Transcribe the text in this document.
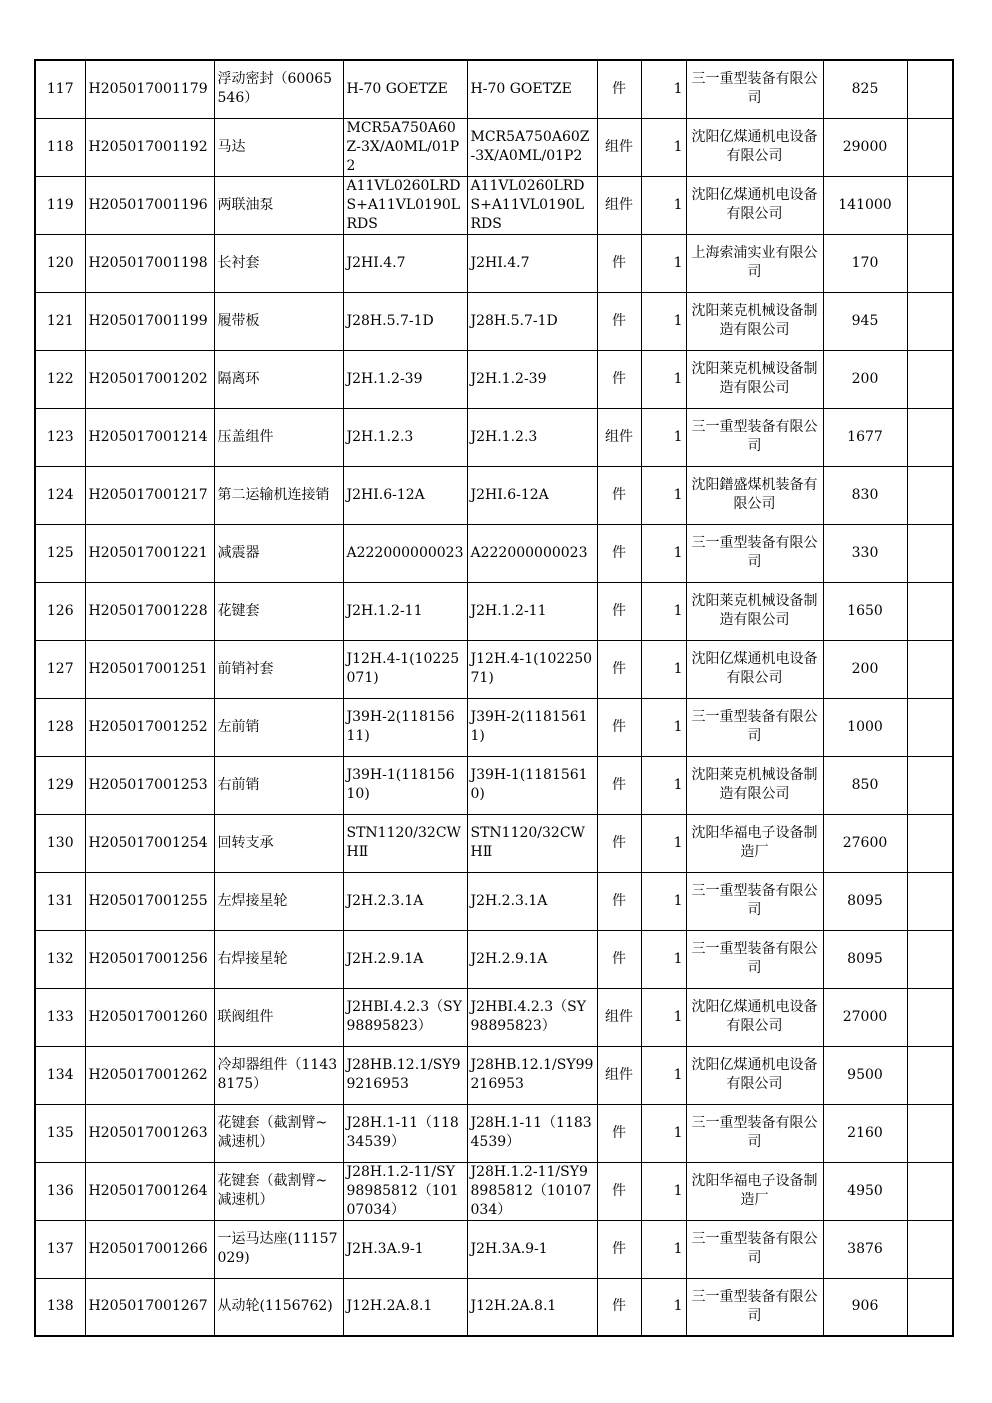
117	H205017001179	浮动密封（60065546）	H-70 GOETZE	H-70 GOETZE	件	1	三一重型装备有限公司	825	
118	H205017001192	马达	MCR5A750A60Z-3X/A0ML/01P2	MCR5A750A60Z-3X/A0ML/01P2	组件	1	沈阳亿煤通机电设备有限公司	29000	
119	H205017001196	两联油泵	A11VL0260LRDS+A11VL0190LRDS	A11VL0260LRDS+A11VL0190LRDS	组件	1	沈阳亿煤通机电设备有限公司	141000	
120	H205017001198	长衬套	J2HI.4.7	J2HI.4.7	件	1	上海索浦实业有限公司	170	
121	H205017001199	履带板	J28H.5.7-1D	J28H.5.7-1D	件	1	沈阳莱克机械设备制造有限公司	945	
122	H205017001202	隔离环	J2H.1.2-39	J2H.1.2-39	件	1	沈阳莱克机械设备制造有限公司	200	
123	H205017001214	压盖组件	J2H.1.2.3	J2H.1.2.3	组件	1	三一重型装备有限公司	1677	
124	H205017001217	第二运输机连接销	J2HI.6-12A	J2HI.6-12A	件	1	沈阳鐠盛煤机装备有限公司	830	
125	H205017001221	减震器	A222000000023	A222000000023	件	1	三一重型装备有限公司	330	
126	H205017001228	花键套	J2H.1.2-11	J2H.1.2-11	件	1	沈阳莱克机械设备制造有限公司	1650	
127	H205017001251	前销衬套	J12H.4-1(10225071)	J12H.4-1(10225071)	件	1	沈阳亿煤通机电设备有限公司	200	
128	H205017001252	左前销	J39H-2(11815611)	J39H-2(11815611)	件	1	三一重型装备有限公司	1000	
129	H205017001253	右前销	J39H-1(11815610)	J39H-1(11815610)	件	1	沈阳莱克机械设备制造有限公司	850	
130	H205017001254	回转支承	STN1120/32CWHⅡ	STN1120/32CWHⅡ	件	1	沈阳华福电子设备制造厂	27600	
131	H205017001255	左焊接星轮	J2H.2.3.1A	J2H.2.3.1A	件	1	三一重型装备有限公司	8095	
132	H205017001256	右焊接星轮	J2H.2.9.1A	J2H.2.9.1A	件	1	三一重型装备有限公司	8095	
133	H205017001260	联阀组件	J2HBⅠ.4.2.3（SY98895823）	J2HBⅠ.4.2.3（SY98895823）	组件	1	沈阳亿煤通机电设备有限公司	27000	
134	H205017001262	冷却器组件（11438175）	J28HB.12.1/SY99216953	J28HB.12.1/SY99216953	组件	1	沈阳亿煤通机电设备有限公司	9500	
135	H205017001263	花键套（截割臂~减速机）	J28H.1-11（11834539）	J28H.1-11（11834539）	件	1	三一重型装备有限公司	2160	
136	H205017001264	花键套（截割臂~减速机）	J28H.1.2-11/SY98985812（10107034）	J28H.1.2-11/SY98985812（10107034）	件	1	沈阳华福电子设备制造厂	4950	
137	H205017001266	一运马达座(11157029)	J2H.3A.9-1	J2H.3A.9-1	件	1	三一重型装备有限公司	3876	
138	H205017001267	从动轮(1156762)	J12H.2A.8.1	J12H.2A.8.1	件	1	三一重型装备有限公司	906	
